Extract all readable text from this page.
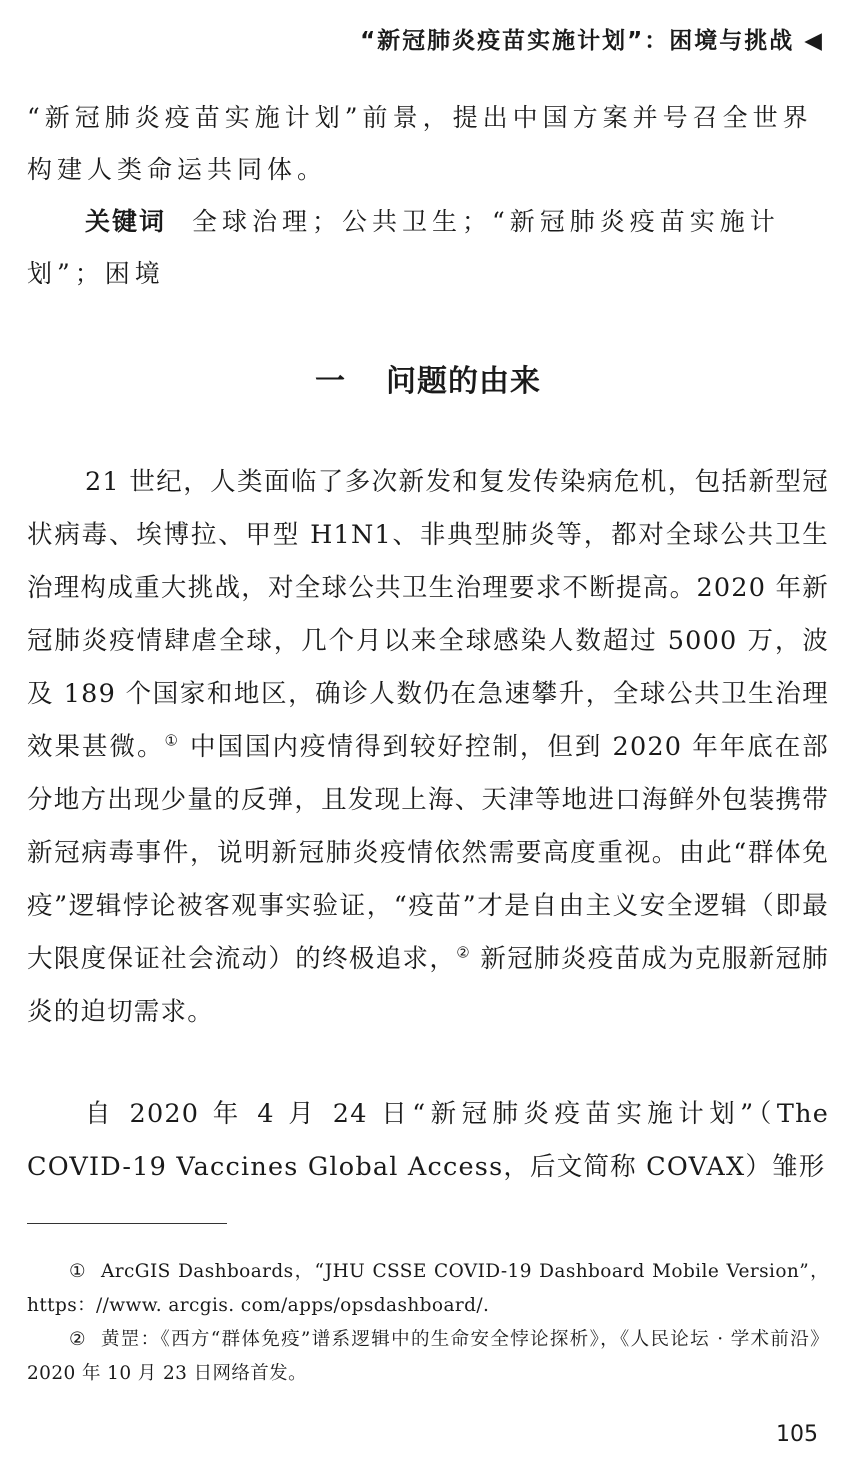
“新冠肺炎疫苗实施计划”：困境与挑战 ◀

“新冠肺炎疫苗实施计划”前景，提出中国方案并号召全世界构建人类命运共同体。

关键词 全球治理；公共卫生；“新冠肺炎疫苗实施计划”；困境

一 问题的由来

21 世纪，人类面临了多次新发和复发传染病危机，包括新型冠状病毒、埃博拉、甲型 H1N1、非典型肺炎等，都对全球公共卫生治理构成重大挑战，对全球公共卫生治理要求不断提高。2020 年新冠肺炎疫情肆虐全球，几个月以来全球感染人数超过 5000 万，波及 189 个国家和地区，确诊人数仍在急速攀升，全球公共卫生治理效果甚微。① 中国国内疫情得到较好控制，但到 2020 年年底在部分地方出现少量的反弹，且发现上海、天津等地进口海鲜外包装携带新冠病毒事件，说明新冠肺炎疫情依然需要高度重视。由此“群体免疫”逻辑悖论被客观事实验证，“疫苗”才是自由主义安全逻辑（即最大限度保证社会流动）的终极追求，② 新冠肺炎疫苗成为克服新冠肺炎的迫切需求。

自 2020 年 4 月 24 日“新冠肺炎疫苗实施计划”（The COVID-19 Vaccines Global Access，后文简称 COVAX）雏形

① ArcGIS Dashboards，“JHU CSSE COVID-19 Dashboard Mobile Version”，https：//www. arcgis. com/apps/opsdashboard/.

② 黄罡：《西方“群体免疫”谱系逻辑中的生命安全悖论探析》，《人民论坛 · 学术前沿》2020 年 10 月 23 日网络首发。

105
